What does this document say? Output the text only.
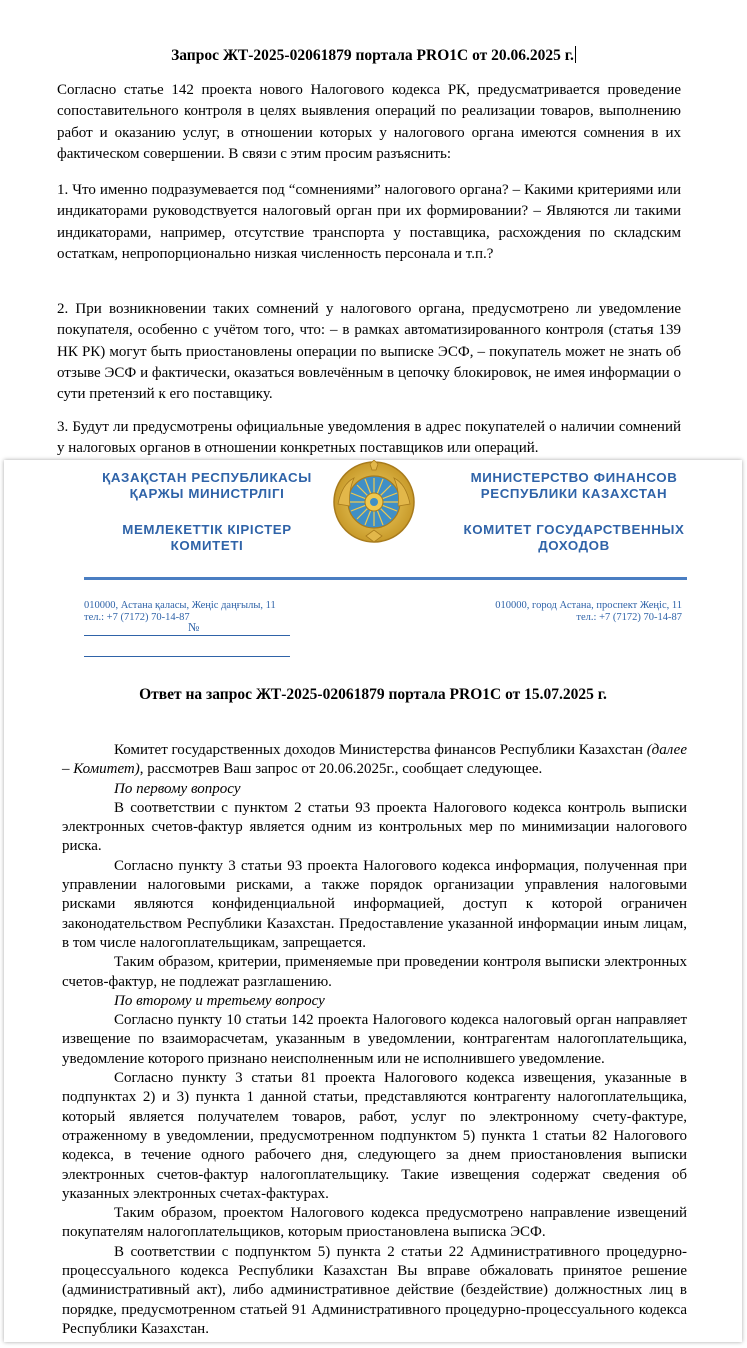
Запрос ЖТ-2025-02061879 портала PRO1C от 20.06.2025 г.

Согласно статье 142 проекта нового Налогового кодекса РК, предусматривается проведение сопоставительного контроля в целях выявления операций по реализации товаров, выполнению работ и оказанию услуг, в отношении которых у налогового органа имеются сомнения в их фактическом совершении. В связи с этим просим разъяснить:

1. Что именно подразумевается под “сомнениями” налогового органа? – Какими критериями или индикаторами руководствуется налоговый орган при их формировании? – Являются ли такими индикаторами, например, отсутствие транспорта у поставщика, расхождения по складским остаткам, непропорционально низкая численность персонала и т.п.?

2. При возникновении таких сомнений у налогового органа, предусмотрено ли уведомление покупателя, особенно с учётом того, что: – в рамках автоматизированного контроля (статья 139 НК РК) могут быть приостановлены операции по выписке ЭСФ, – покупатель может не знать об отзыве ЭСФ и фактически, оказаться вовлечённым в цепочку блокировок, не имея информации о сути претензий к его поставщику.

3. Будут ли предусмотрены официальные уведомления в адрес покупателей о наличии сомнений у налоговых органов в отношении конкретных поставщиков или операций.

ҚАЗАҚСТАН РЕСПУБЛИКАСЫ
ҚАРЖЫ МИНИСТРЛІГІ
МЕМЛЕКЕТТІК КІРІСТЕР
КОМИТЕТІ
МИНИСТЕРСТВО ФИНАНСОВ
РЕСПУБЛИКИ КАЗАХСТАН
КОМИТЕТ ГОСУДАРСТВЕННЫХ
ДОХОДОВ
010000, Астана қаласы, Жеңіс даңғылы, 11
тел.: +7 (7172) 70-14-87
010000, город Астана, проспект Жеңіс, 11
тел.: +7 (7172) 70-14-87

№
Ответ на запрос ЖТ-2025-02061879 портала PRO1C от 15.07.2025 г.

Комитет государственных доходов Министерства финансов Республики Казахстан (далее – Комитет), рассмотрев Ваш запрос от 20.06.2025г., сообщает следующее.

По первому вопросу

В соответствии с пунктом 2 статьи 93 проекта Налогового кодекса контроль выписки электронных счетов-фактур является одним из контрольных мер по минимизации налогового риска.

Согласно пункту 3 статьи 93 проекта Налогового кодекса информация, полученная при управлении налоговыми рисками, а также порядок организации управления налоговыми рисками являются конфиденциальной информацией, доступ к которой ограничен законодательством Республики Казахстан. Предоставление указанной информации иным лицам, в том числе налогоплательщикам, запрещается.

Таким образом, критерии, применяемые при проведении контроля выписки электронных счетов-фактур, не подлежат разглашению.

По второму и третьему вопросу

Согласно пункту 10 статьи 142 проекта Налогового кодекса налоговый орган направляет извещение по взаиморасчетам, указанным в уведомлении, контрагентам налогоплательщика, уведомление которого признано неисполненным или не исполнившего уведомление.

Согласно пункту 3 статьи 81 проекта Налогового кодекса извещения, указанные в подпунктах 2) и 3) пункта 1 данной статьи, представляются контрагенту налогоплательщика, который является получателем товаров, работ, услуг по электронному счету-фактуре, отраженному в уведомлении, предусмотренном подпунктом 5) пункта 1 статьи 82 Налогового кодекса, в течение одного рабочего дня, следующего за днем приостановления выписки электронных счетов-фактур налогоплательщику. Такие извещения содержат сведения об указанных электронных счетах-фактурах.

Таким образом, проектом Налогового кодекса предусмотрено направление извещений покупателям налогоплательщиков, которым приостановлена выписка ЭСФ.

В соответствии с подпунктом 5) пункта 2 статьи 22 Административного процедурно-процессуального кодекса Республики Казахстан Вы вправе обжаловать принятое решение (административный акт), либо административное действие (бездействие) должностных лиц в порядке, предусмотренном статьей 91 Административного процедурно-процессуального кодекса Республики Казахстан.
